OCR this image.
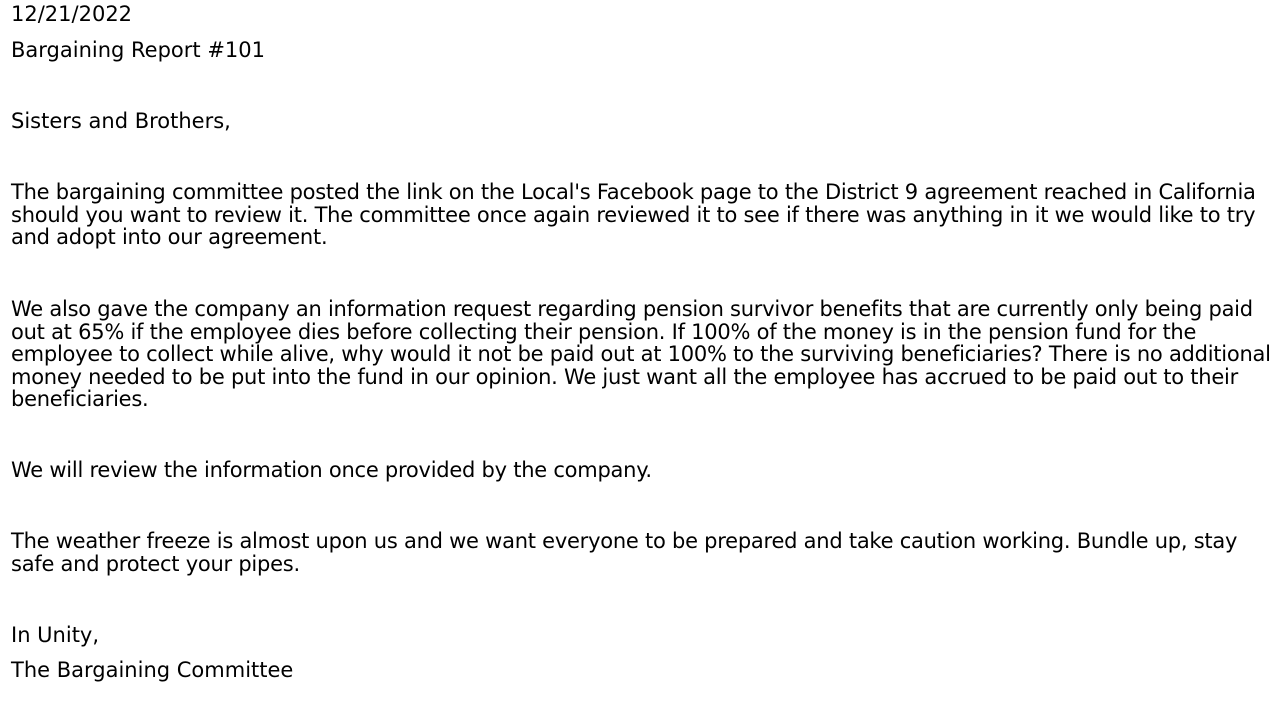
12/21/2022
Bargaining Report #101
Sisters and Brothers,
The bargaining committee posted the link on the Local's Facebook page to the District 9 agreement reached in California should you want to review it. The committee once again reviewed it to see if there was anything in it we would like to try and adopt into our agreement.
We also gave the company an information request regarding pension survivor benefits that are currently only being paid out at 65% if the employee dies before collecting their pension. If 100% of the money is in the pension fund for the employee to collect while alive, why would it not be paid out at 100% to the surviving beneficiaries? There is no additional money needed to be put into the fund in our opinion. We just want all the employee has accrued to be paid out to their beneficiaries.
We will review the information once provided by the company.
The weather freeze is almost upon us and we want everyone to be prepared and take caution working. Bundle up, stay safe and protect your pipes.
In Unity,
The Bargaining Committee
